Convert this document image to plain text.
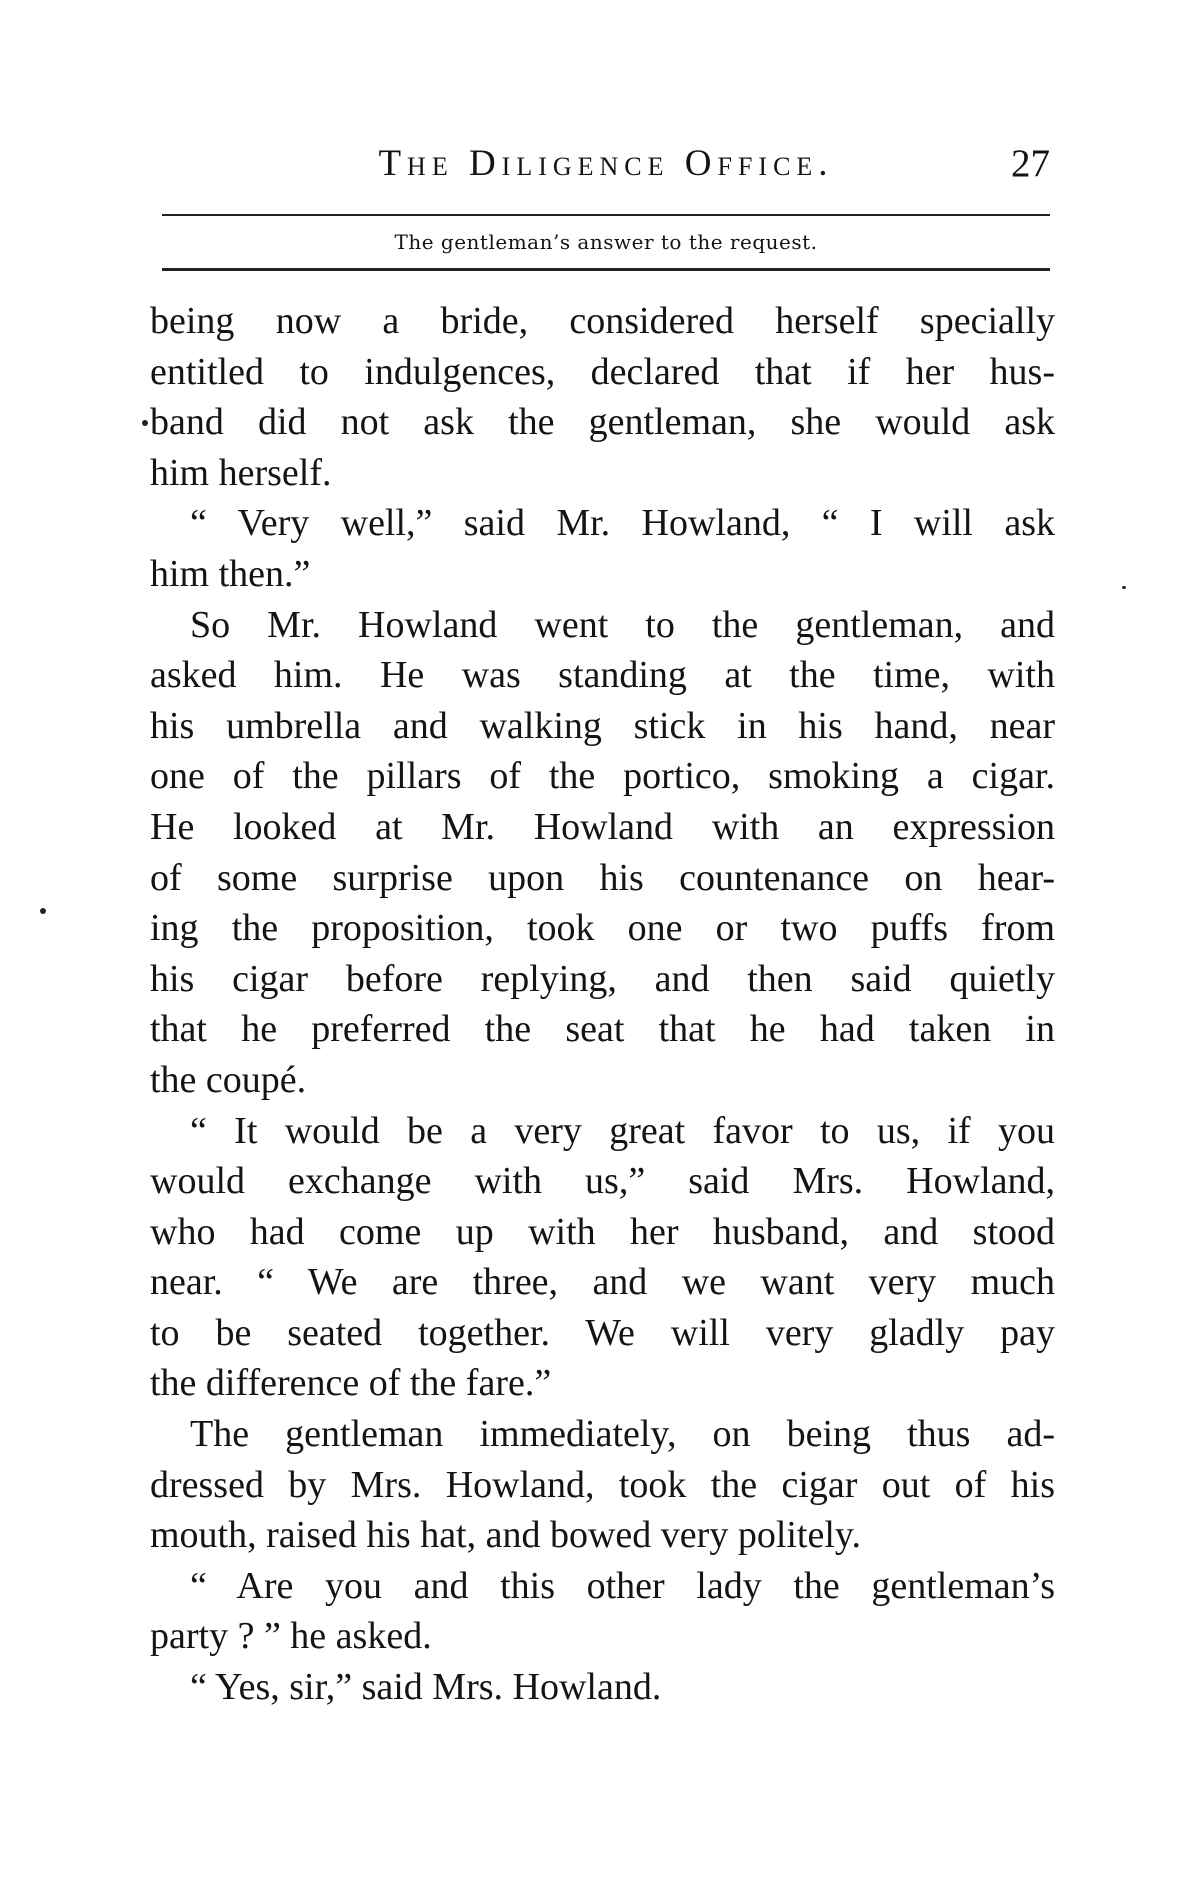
The Diligence Office.	27
The gentleman’s answer to the request.
being now a bride, considered herself specially
entitled to indulgences, declared that if her hus-
band did not ask the gentleman, she would ask
him herself.
“ Very well,” said Mr. Howland, “ I will ask
him then.”
So Mr. Howland went to the gentleman, and
asked him. He was standing at the time, with
his umbrella and walking stick in his hand, near
one of the pillars of the portico, smoking a cigar.
He looked at Mr. Howland with an expression
of some surprise upon his countenance on hear-
ing the proposition, took one or two puffs from
his cigar before replying, and then said quietly
that he preferred the seat that he had taken in
the coupé.
“ It would be a very great favor to us, if you
would exchange with us,” said Mrs. Howland,
who had come up with her husband, and stood
near. “ We are three, and we want very much
to be seated together. We will very gladly pay
the difference of the fare.”
The gentleman immediately, on being thus ad-
dressed by Mrs. Howland, took the cigar out of his
mouth, raised his hat, and bowed very politely.
“ Are you and this other lady the gentleman’s
party ? ” he asked.
“ Yes, sir,” said Mrs. Howland.
